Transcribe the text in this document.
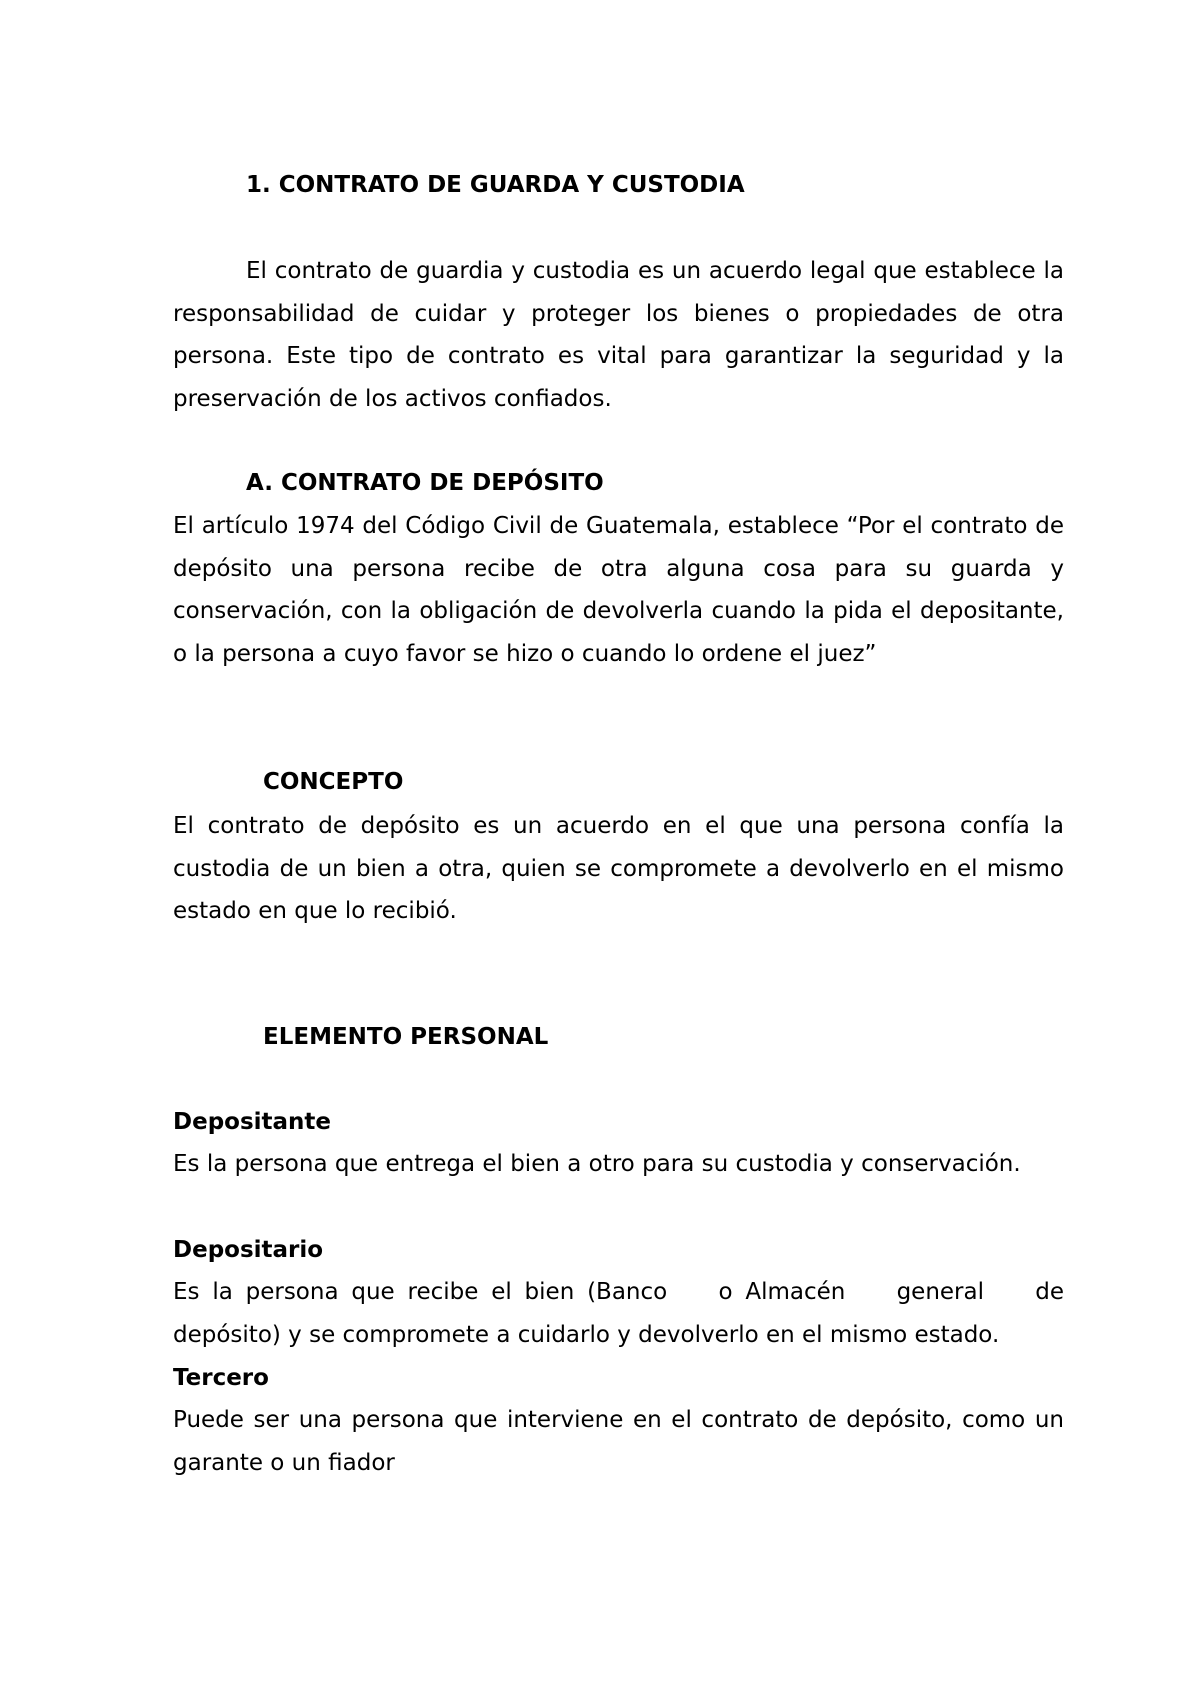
1. CONTRATO DE GUARDA Y CUSTODIA

El contrato de guardia y custodia es un acuerdo legal que establece la responsabilidad de cuidar y proteger los bienes o propiedades de otra persona. Este tipo de contrato es vital para garantizar la seguridad y la preservación de los activos confiados.

A. CONTRATO DE DEPÓSITO

El artículo 1974 del Código Civil de Guatemala, establece “Por el contrato de depósito una persona recibe de otra alguna cosa para su guarda y conservación, con la obligación de devolverla cuando la pida el depositante, o la persona a cuyo favor se hizo o cuando lo ordene el juez”

CONCEPTO

El contrato de depósito es un acuerdo en el que una persona confía la custodia de un bien a otra, quien se compromete a devolverlo en el mismo estado en que lo recibió.

ELEMENTO PERSONAL
Depositante

Es la persona que entrega el bien a otro para su custodia y conservación.

Depositario

Es la persona que recibe el bien (Banco    o Almacén    general    de depósito) y se compromete a cuidarlo y devolverlo en el mismo estado.

Tercero

Puede ser una persona que interviene en el contrato de depósito, como un garante o un fiador
